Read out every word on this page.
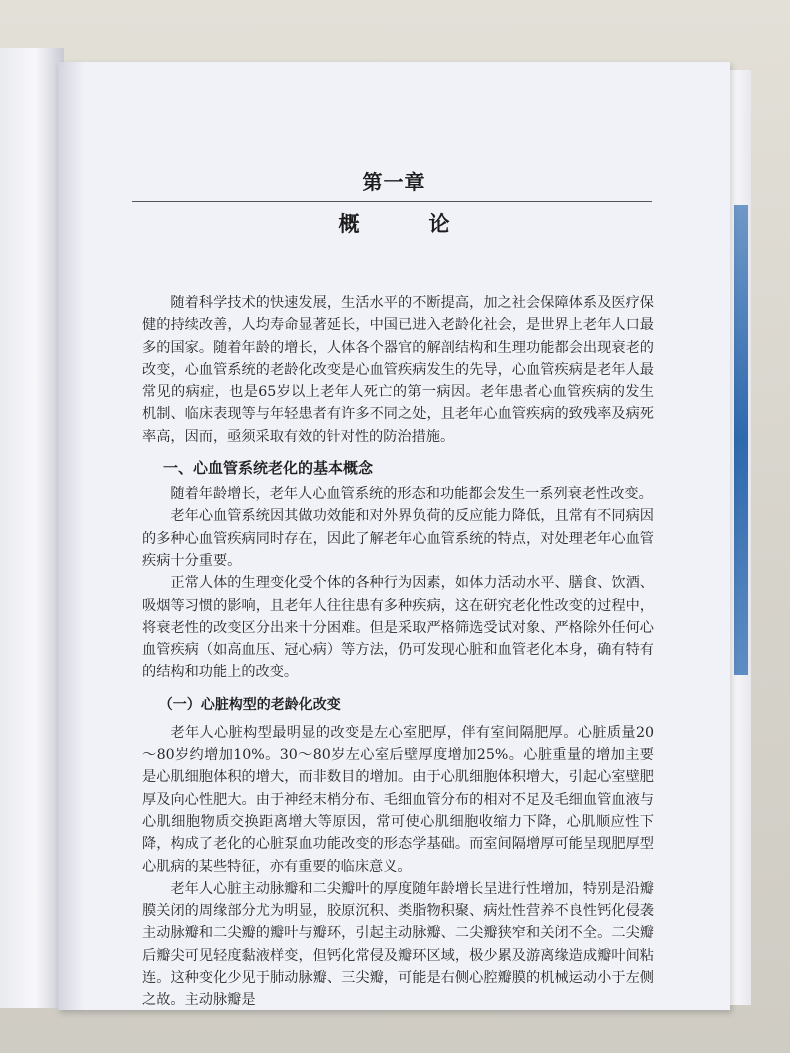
第一章
概　论

随着科学技术的快速发展，生活水平的不断提高，加之社会保障体系及医疗保健的持续改善，人均寿命显著延长，中国已进入老龄化社会，是世界上老年人口最多的国家。随着年龄的增长，人体各个器官的解剖结构和生理功能都会出现衰老的改变，心血管系统的老龄化改变是心血管疾病发生的先导，心血管疾病是老年人最常见的病症，也是65岁以上老年人死亡的第一病因。老年患者心血管疾病的发生机制、临床表现等与年轻患者有许多不同之处，且老年心血管疾病的致残率及病死率高，因而，亟须采取有效的针对性的防治措施。

一、心血管系统老化的基本概念

随着年龄增长，老年人心血管系统的形态和功能都会发生一系列衰老性改变。

老年心血管系统因其做功效能和对外界负荷的反应能力降低，且常有不同病因的多种心血管疾病同时存在，因此了解老年心血管系统的特点，对处理老年心血管疾病十分重要。

正常人体的生理变化受个体的各种行为因素，如体力活动水平、膳食、饮酒、吸烟等习惯的影响，且老年人往往患有多种疾病，这在研究老化性改变的过程中，将衰老性的改变区分出来十分困难。但是采取严格筛选受试对象、严格除外任何心血管疾病（如高血压、冠心病）等方法，仍可发现心脏和血管老化本身，确有特有的结构和功能上的改变。

（一）心脏构型的老龄化改变

老年人心脏构型最明显的改变是左心室肥厚，伴有室间隔肥厚。心脏质量20～80岁约增加10%。30～80岁左心室后壁厚度增加25%。心脏重量的增加主要是心肌细胞体积的增大，而非数目的增加。由于心肌细胞体积增大，引起心室壁肥厚及向心性肥大。由于神经末梢分布、毛细血管分布的相对不足及毛细血管血液与心肌细胞物质交换距离增大等原因，常可使心肌细胞收缩力下降，心肌顺应性下降，构成了老化的心脏泵血功能改变的形态学基础。而室间隔增厚可能呈现肥厚型心肌病的某些特征，亦有重要的临床意义。

老年人心脏主动脉瓣和二尖瓣叶的厚度随年龄增长呈进行性增加，特别是沿瓣膜关闭的周缘部分尤为明显，胶原沉积、类脂物积聚、病灶性营养不良性钙化侵袭主动脉瓣和二尖瓣的瓣叶与瓣环，引起主动脉瓣、二尖瓣狭窄和关闭不全。二尖瓣后瓣尖可见轻度黏液样变，但钙化常侵及瓣环区域，极少累及游离缘造成瓣叶间粘连。这种变化少见于肺动脉瓣、三尖瓣，可能是右侧心腔瓣膜的机械运动小于左侧之故。主动脉瓣是
